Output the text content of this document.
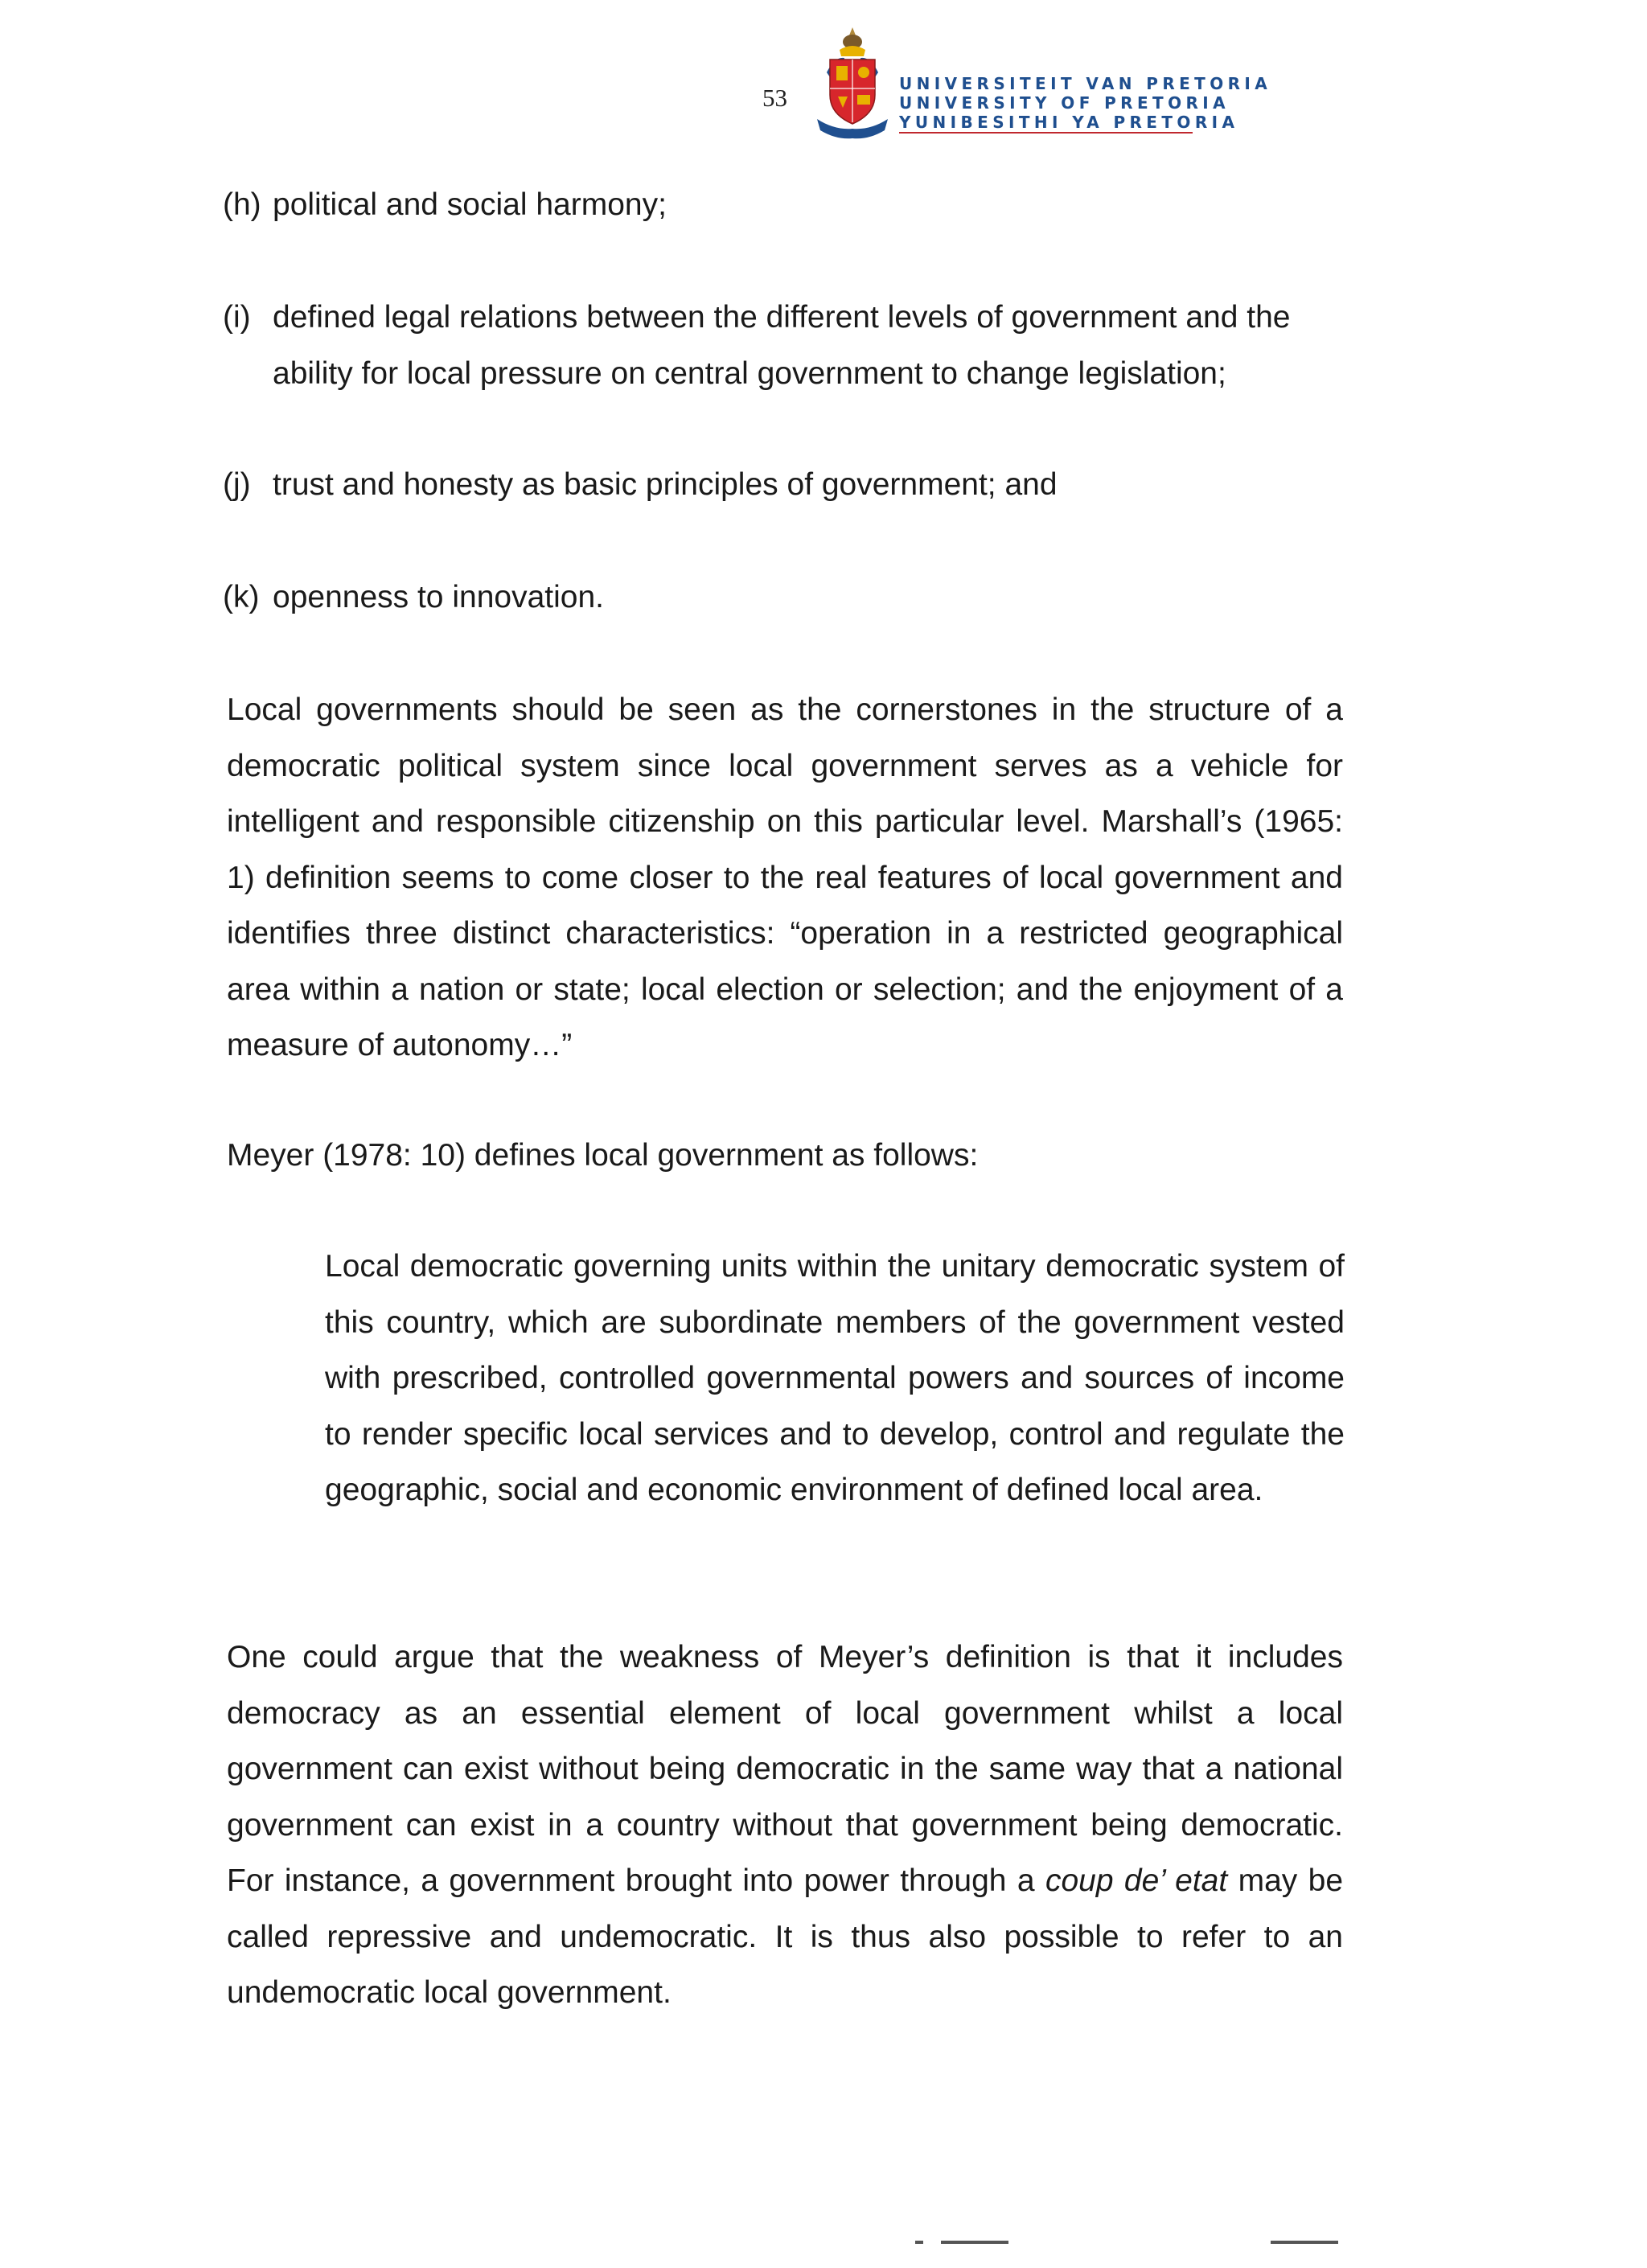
53	UNIVERSITEIT VAN PRETORIA
UNIVERSITY OF PRETORIA
YUNIBESITHI YA PRETORIA
(h) political and social harmony;
(i) defined legal relations between the different levels of government and the ability for local pressure on central government to change legislation;
(j) trust and honesty as basic principles of government; and
(k) openness to innovation.

Local governments should be seen as the cornerstones in the structure of a democratic political system since local government serves as a vehicle for intelligent and responsible citizenship on this particular level. Marshall’s (1965: 1) definition seems to come closer to the real features of local government and identifies three distinct characteristics: “operation in a restricted geographical area within a nation or state; local election or selection; and the enjoyment of a measure of autonomy…”

Meyer (1978: 10) defines local government as follows:

Local democratic governing units within the unitary democratic system of this country, which are subordinate members of the government vested with prescribed, controlled governmental powers and sources of income to render specific local services and to develop, control and regulate the geographic, social and economic environment of defined local area.

One could argue that the weakness of Meyer’s definition is that it includes democracy as an essential element of local government whilst a local government can exist without being democratic in the same way that a national government can exist in a country without that government being democratic. For instance, a government brought into power through a coup de’ etat may be called repressive and undemocratic. It is thus also possible to refer to an undemocratic local government.
